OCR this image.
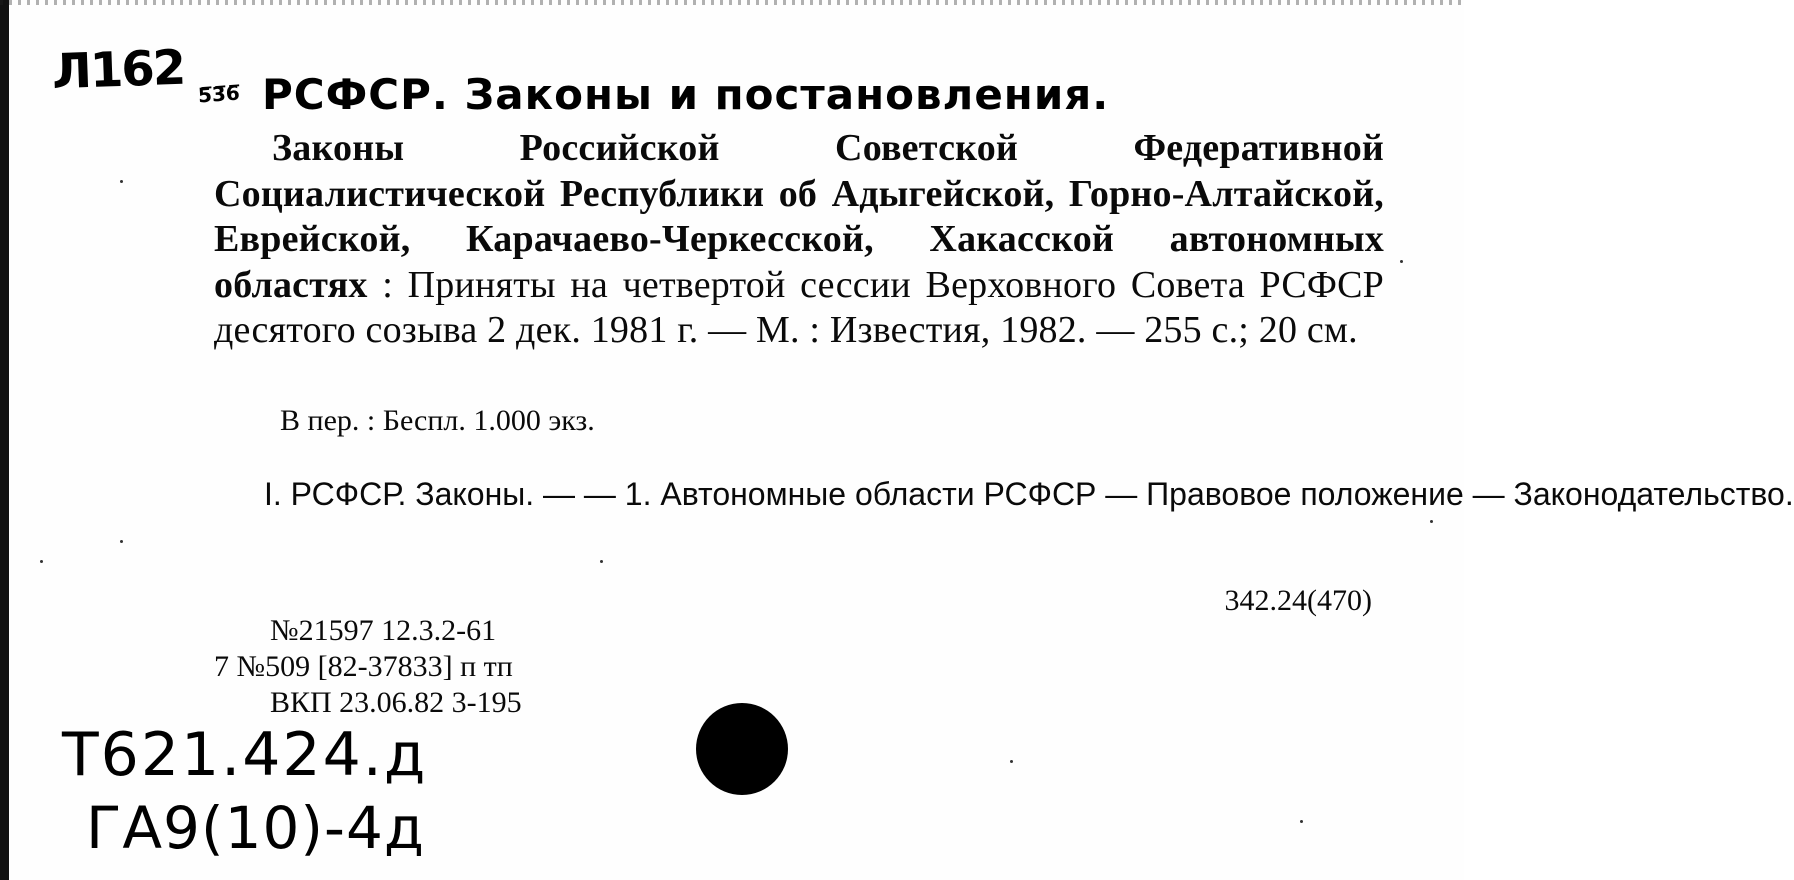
Л162 5̅3̅6̅ РСФСР. Законы и постановления.
Законы Российской Советской Федеративной Социалистической Республики об Адыгейской, Горно-Алтайской, Еврейской, Карачаево-Черкесской, Хакасской автономных областях : Приняты на четвертой сессии Верховного Совета РСФСР десятого созыва 2 дек. 1981 г. — М. : Известия, 1982. — 255 с.; 20 см.
В пер. : Беспл. 1.000 экз.
I. РСФСР. Законы. — — 1. Автономные области РСФСР — Правовое положение — Законодательство.
342.24(470)
№21597 12.3.2-61
7 №509 [82-37833] п тп
ВКП 23.06.82 3-195
Т621.424.д
ГА9(10)-4д
